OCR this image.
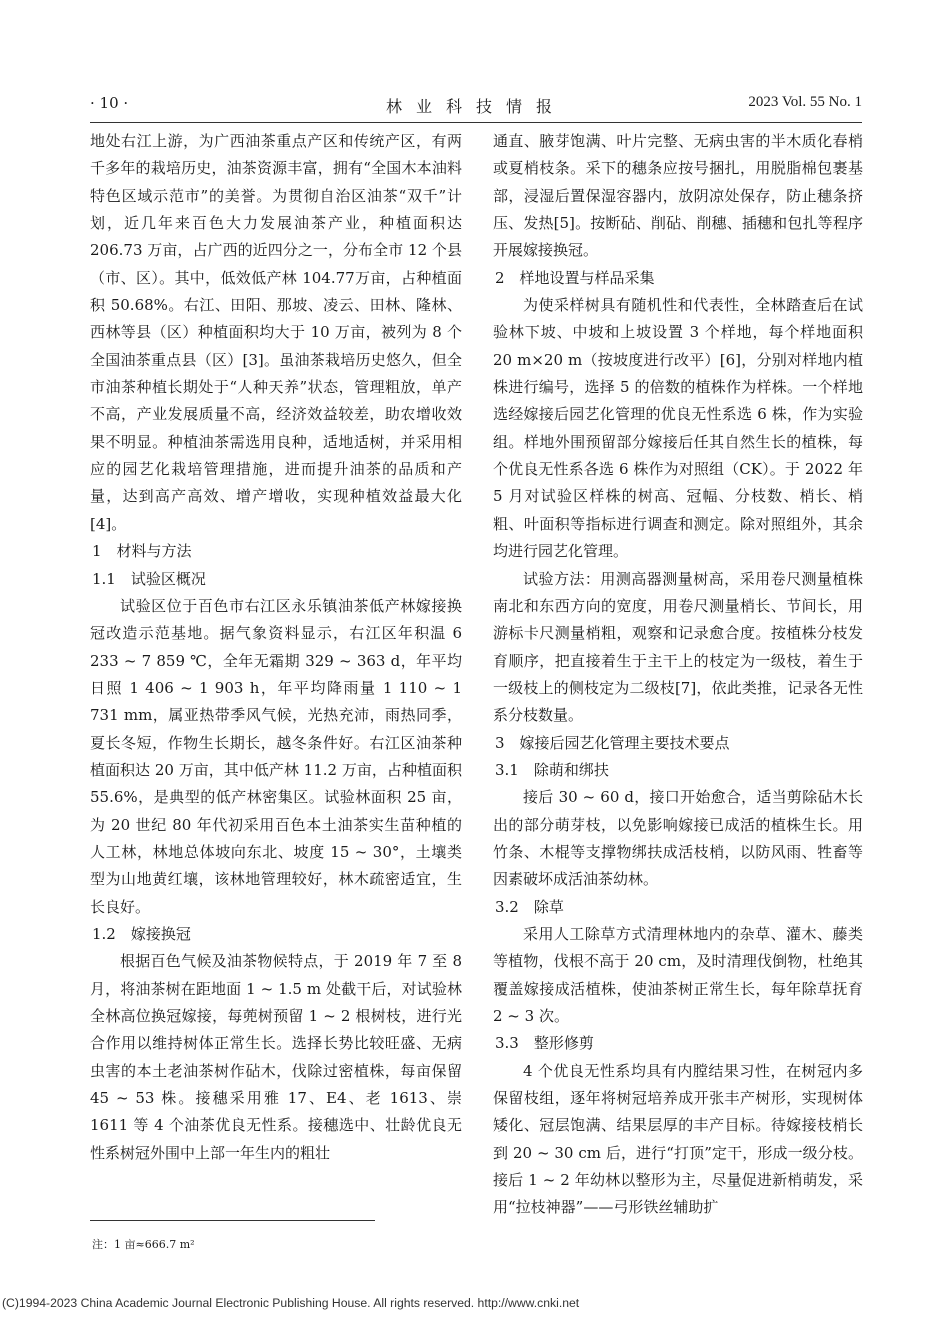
· 10 ·	林业科技情报	2023 Vol. 55 No. 1

地处右江上游，为广西油茶重点产区和传统产区，有两千多年的栽培历史，油茶资源丰富，拥有“全国木本油料特色区域示范市”的美誉。为贯彻自治区油茶“双千”计划，近几年来百色大力发展油茶产业，种植面积达 206.73 万亩，占广西的近四分之一，分布全市 12 个县（市、区）。其中，低效低产林 104.77万亩，占种植面积 50.68%。右江、田阳、那坡、凌云、田林、隆林、西林等县（区）种植面积均大于 10 万亩，被列为 8 个全国油茶重点县（区）[3]。虽油茶栽培历史悠久，但全市油茶种植长期处于“人种天养”状态，管理粗放，单产不高，产业发展质量不高，经济效益较差，助农增收效果不明显。种植油茶需选用良种，适地适树，并采用相应的园艺化栽培管理措施，进而提升油茶的品质和产量，达到高产高效、增产增收，实现种植效益最大化[4]。

1　材料与方法

1.1　试验区概况

试验区位于百色市右江区永乐镇油茶低产林嫁接换冠改造示范基地。据气象资料显示，右江区年积温 6 233 ~ 7 859 ℃，全年无霜期 329 ~ 363 d，年平均日照 1 406 ~ 1 903 h，年平均降雨量 1 110 ~ 1 731 mm，属亚热带季风气候，光热充沛，雨热同季，夏长冬短，作物生长期长，越冬条件好。右江区油茶种植面积达 20 万亩，其中低产林 11.2 万亩，占种植面积 55.6%，是典型的低产林密集区。试验林面积 25 亩，为 20 世纪 80 年代初采用百色本土油茶实生苗种植的人工林，林地总体坡向东北、坡度 15 ~ 30°，土壤类型为山地黄红壤，该林地管理较好，林木疏密适宜，生长良好。

1.2　嫁接换冠

根据百色气候及油茶物候特点，于 2019 年 7 至 8 月，将油茶树在距地面 1 ~ 1.5 m 处截干后，对试验林全林高位换冠嫁接，每蔸树预留 1 ~ 2 根树枝，进行光合作用以维持树体正常生长。选择长势比较旺盛、无病虫害的本土老油茶树作砧木，伐除过密植株，每亩保留 45 ~ 53 株。接穗采用雅 17、E4、老 1613、崇 1611 等 4 个油茶优良无性系。接穗选中、壮龄优良无性系树冠外围中上部一年生内的粗壮

通直、腋芽饱满、叶片完整、无病虫害的半木质化春梢或夏梢枝条。采下的穗条应按号捆扎，用脱脂棉包裹基部，浸湿后置保湿容器内，放阴凉处保存，防止穗条挤压、发热[5]。按断砧、削砧、削穗、插穗和包扎等程序开展嫁接换冠。

2　样地设置与样品采集

为使采样树具有随机性和代表性，全林踏查后在试验林下坡、中坡和上坡设置 3 个样地，每个样地面积 20 m×20 m（按坡度进行改平）[6]，分别对样地内植株进行编号，选择 5 的倍数的植株作为样株。一个样地选经嫁接后园艺化管理的优良无性系选 6 株，作为实验组。样地外围预留部分嫁接后任其自然生长的植株，每个优良无性系各选 6 株作为对照组（CK）。于 2022 年 5 月对试验区样株的树高、冠幅、分枝数、梢长、梢粗、叶面积等指标进行调查和测定。除对照组外，其余均进行园艺化管理。

试验方法：用测高器测量树高，采用卷尺测量植株南北和东西方向的宽度，用卷尺测量梢长、节间长，用游标卡尺测量梢粗，观察和记录愈合度。按植株分枝发育顺序，把直接着生于主干上的枝定为一级枝，着生于一级枝上的侧枝定为二级枝[7]，依此类推，记录各无性系分枝数量。

3　嫁接后园艺化管理主要技术要点

3.1　除萌和绑扶

接后 30 ~ 60 d，接口开始愈合，适当剪除砧木长出的部分萌芽枝，以免影响嫁接已成活的植株生长。用竹条、木棍等支撑物绑扶成活枝梢，以防风雨、牲畜等因素破坏成活油茶幼林。

3.2　除草

采用人工除草方式清理林地内的杂草、灌木、藤类等植物，伐根不高于 20 cm，及时清理伐倒物，杜绝其覆盖嫁接成活植株，使油茶树正常生长，每年除草抚育 2 ~ 3 次。

3.3　整形修剪

4 个优良无性系均具有内膛结果习性，在树冠内多保留枝组，逐年将树冠培养成开张丰产树形，实现树体矮化、冠层饱满、结果层厚的丰产目标。待嫁接枝梢长到 20 ~ 30 cm 后，进行“打顶”定干，形成一级分枝。接后 1 ~ 2 年幼林以整形为主，尽量促进新梢萌发，采用“拉枝神器”——弓形铁丝辅助扩

注：1 亩≈666.7 m²
(C)1994-2023 China Academic Journal Electronic Publishing House. All rights reserved. http://www.cnki.net
